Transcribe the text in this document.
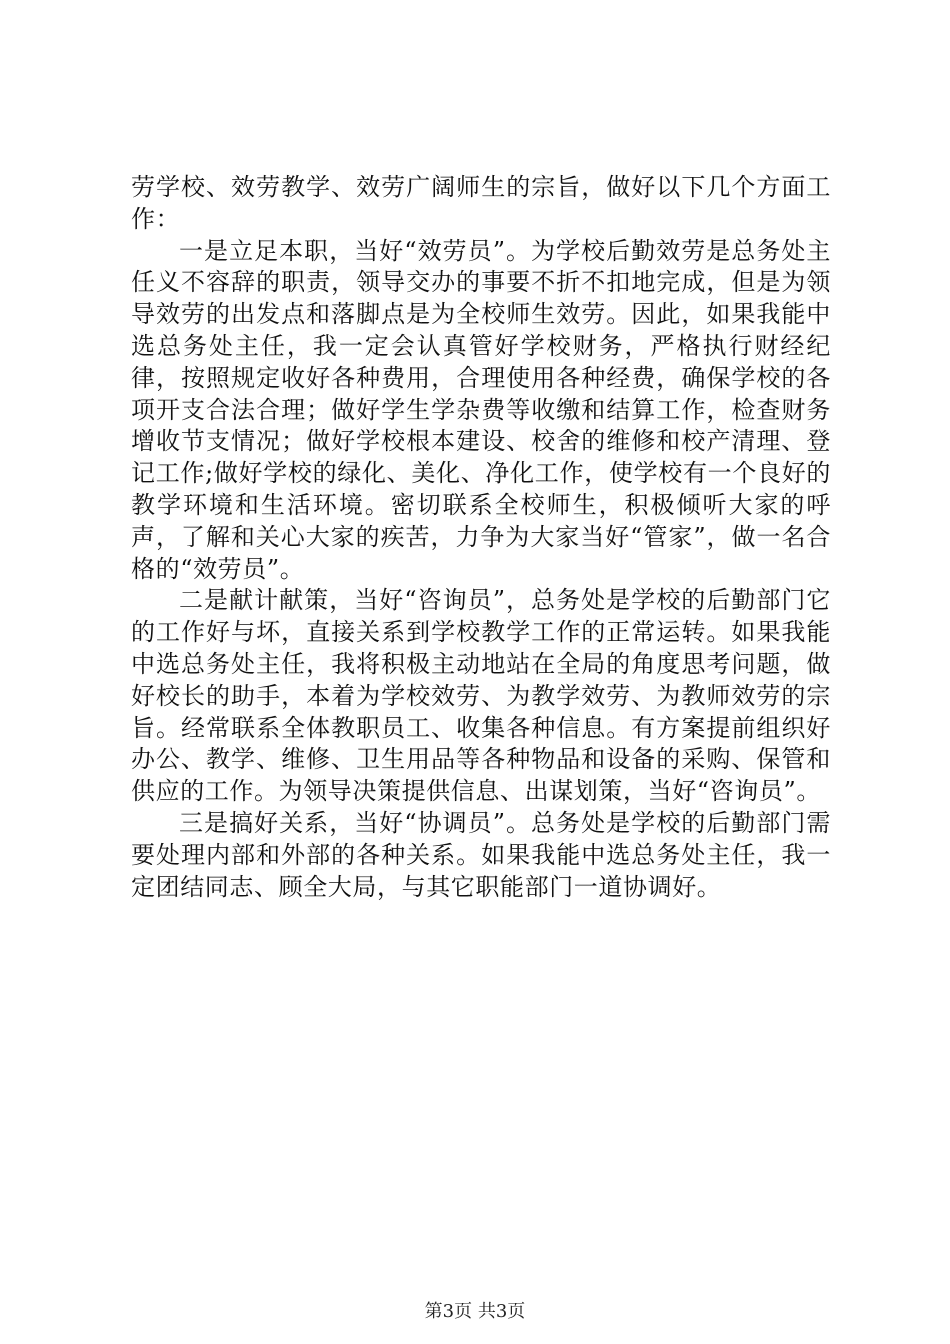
劳学校、效劳教学、效劳广阔师生的宗旨，做好以下几个方面工作：

一是立足本职，当好“效劳员”。为学校后勤效劳是总务处主任义不容辞的职责，领导交办的事要不折不扣地完成，但是为领导效劳的出发点和落脚点是为全校师生效劳。因此，如果我能中选总务处主任，我一定会认真管好学校财务，严格执行财经纪律，按照规定收好各种费用，合理使用各种经费，确保学校的各项开支合法合理；做好学生学杂费等收缴和结算工作，检查财务增收节支情况；做好学校根本建设、校舍的维修和校产清理、登记工作;做好学校的绿化、美化、净化工作，使学校有一个良好的教学环境和生活环境。密切联系全校师生，积极倾听大家的呼声，了解和关心大家的疾苦，力争为大家当好“管家”，做一名合格的“效劳员”。

二是献计献策，当好“咨询员”，总务处是学校的后勤部门它的工作好与坏，直接关系到学校教学工作的正常运转。如果我能中选总务处主任，我将积极主动地站在全局的角度思考问题，做好校长的助手，本着为学校效劳、为教学效劳、为教师效劳的宗旨。经常联系全体教职员工、收集各种信息。有方案提前组织好办公、教学、维修、卫生用品等各种物品和设备的采购、保管和供应的工作。为领导决策提供信息、出谋划策，当好“咨询员”。

三是搞好关系，当好“协调员”。总务处是学校的后勤部门需要处理内部和外部的各种关系。如果我能中选总务处主任，我一定团结同志、顾全大局，与其它职能部门一道协调好。

第3页 共3页
